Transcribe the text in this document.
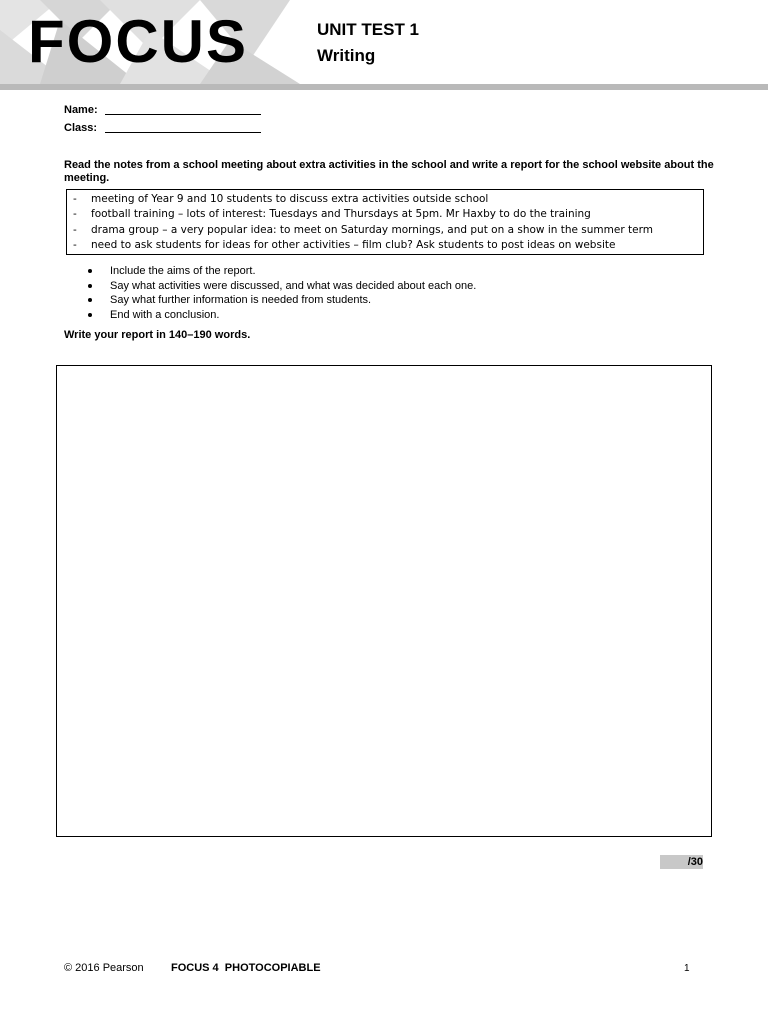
FOCUS	UNIT TEST 1
Writing
Name:
Class:
Read the notes from a school meeting about extra activities in the school and write a report for the school website about the meeting.
- meeting of Year 9 and 10 students to discuss extra activities outside school
- football training – lots of interest: Tuesdays and Thursdays at 5pm. Mr Haxby to do the training
- drama group – a very popular idea: to meet on Saturday mornings, and put on a show in the summer term
- need to ask students for ideas for other activities – film club? Ask students to post ideas on website
Include the aims of the report.
Say what activities were discussed, and what was decided about each one.
Say what further information is needed from students.
End with a conclusion.
Write your report in 140–190 words.
/30
© 2016 Pearson FOCUS 4  PHOTOCOPIABLE	1
